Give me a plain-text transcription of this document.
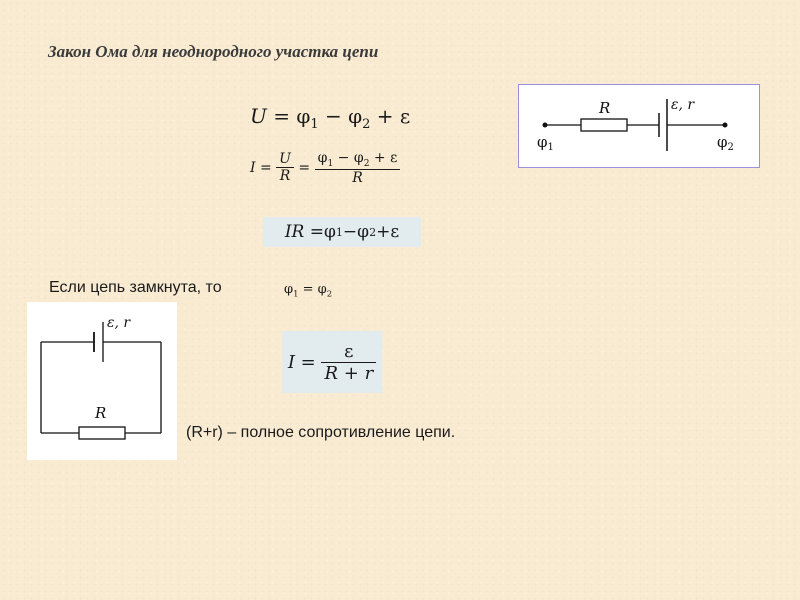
Закон Ома для неоднородного участка цепи
$U = \varphi_1 - \varphi_2 + \varepsilon$
$I = \frac{U}{R} = \frac{\varphi_1 - \varphi_2 + \varepsilon}{R}$
IR = φ 1 − φ 2 + ε
Если цепь замкнута, то	$\varphi_1 = \varphi_2$
$I = \frac{\varepsilon}{R + r}$
(R+r) – полное сопротивление цепи.
R	ε, r
$\varphi_1$	$\varphi_2$
R
ε, r
